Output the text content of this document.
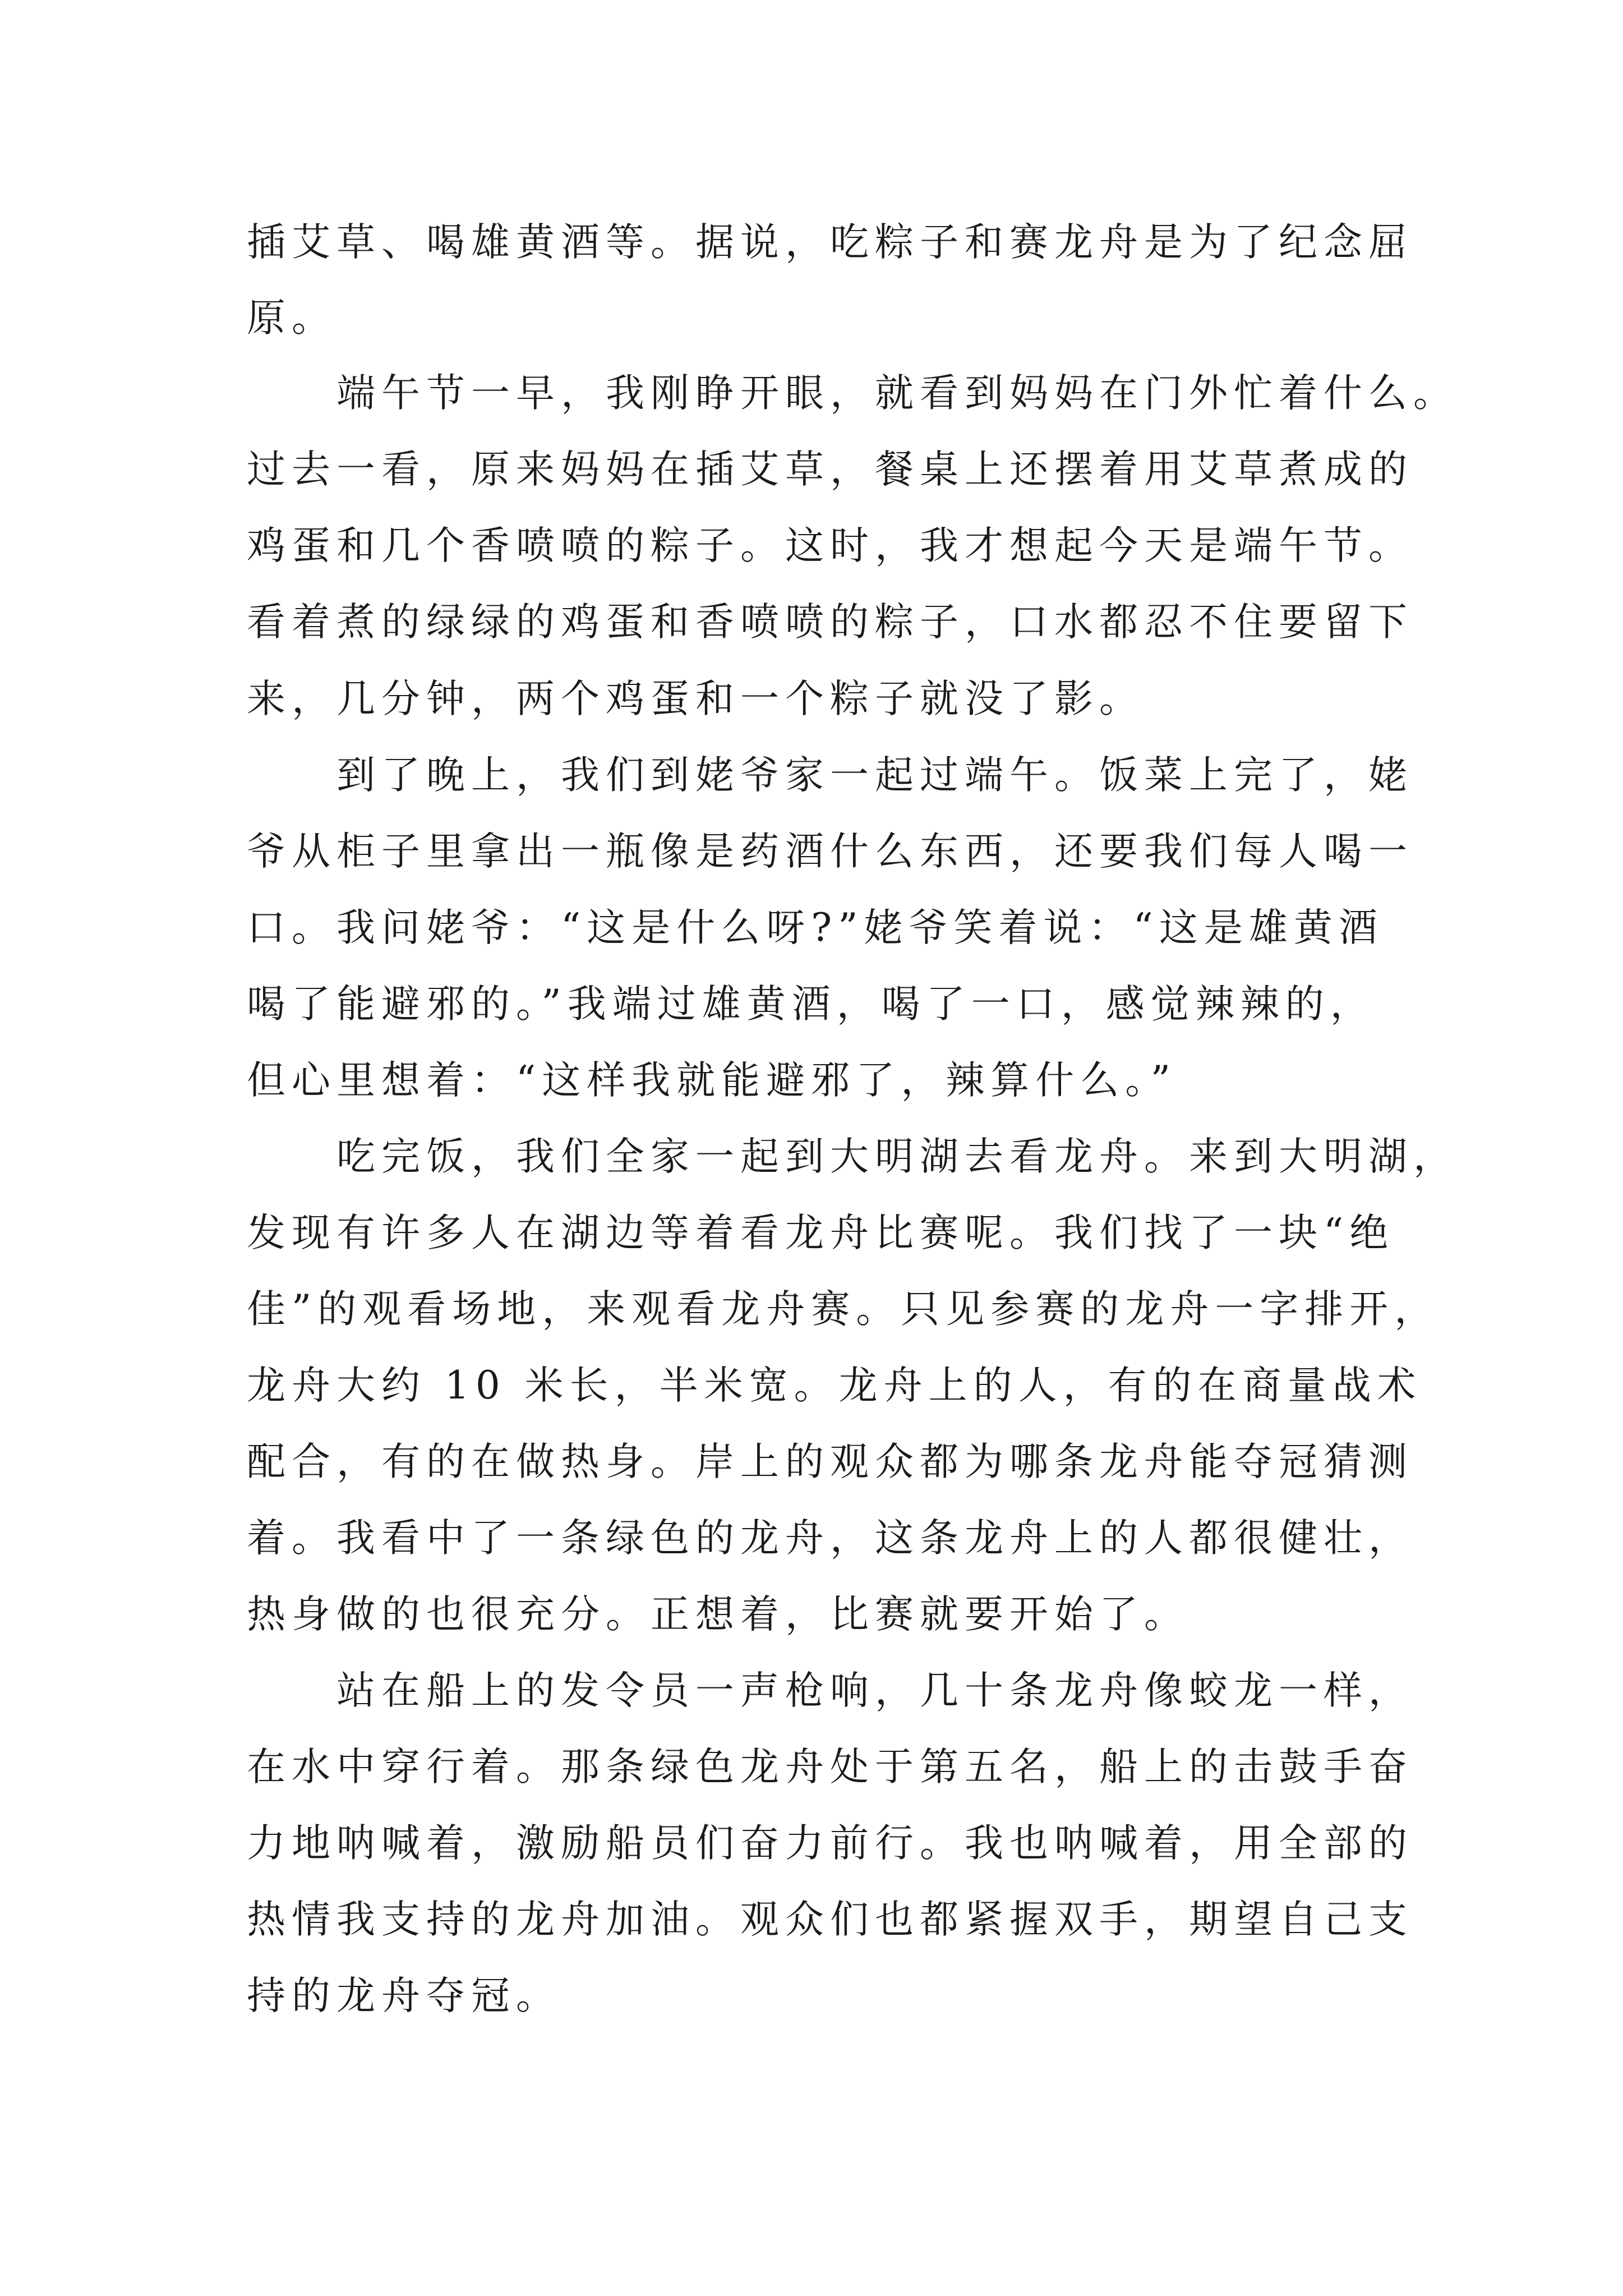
插艾草、喝雄黄酒等。据说，吃粽子和赛龙舟是为了纪念屈

原。

端午节一早，我刚睁开眼，就看到妈妈在门外忙着什么。

过去一看，原来妈妈在插艾草，餐桌上还摆着用艾草煮成的

鸡蛋和几个香喷喷的粽子。这时，我才想起今天是端午节。

看着煮的绿绿的鸡蛋和香喷喷的粽子，口水都忍不住要留下

来，几分钟，两个鸡蛋和一个粽子就没了影。

到了晚上，我们到姥爷家一起过端午。饭菜上完了，姥

爷从柜子里拿出一瓶像是药酒什么东西，还要我们每人喝一

口。我问姥爷：“这是什么呀?”姥爷笑着说：“这是雄黄酒

喝了能避邪的。”我端过雄黄酒，喝了一口，感觉辣辣的，

但心里想着：“这样我就能避邪了，辣算什么。”

吃完饭，我们全家一起到大明湖去看龙舟。来到大明湖，

发现有许多人在湖边等着看龙舟比赛呢。我们找了一块“绝

佳”的观看场地，来观看龙舟赛。只见参赛的龙舟一字排开，

龙舟大约 10 米长，半米宽。龙舟上的人，有的在商量战术

配合，有的在做热身。岸上的观众都为哪条龙舟能夺冠猜测

着。我看中了一条绿色的龙舟，这条龙舟上的人都很健壮，

热身做的也很充分。正想着，比赛就要开始了。

站在船上的发令员一声枪响，几十条龙舟像蛟龙一样，

在水中穿行着。那条绿色龙舟处于第五名，船上的击鼓手奋

力地呐喊着，激励船员们奋力前行。我也呐喊着，用全部的

热情我支持的龙舟加油。观众们也都紧握双手，期望自己支

持的龙舟夺冠。
